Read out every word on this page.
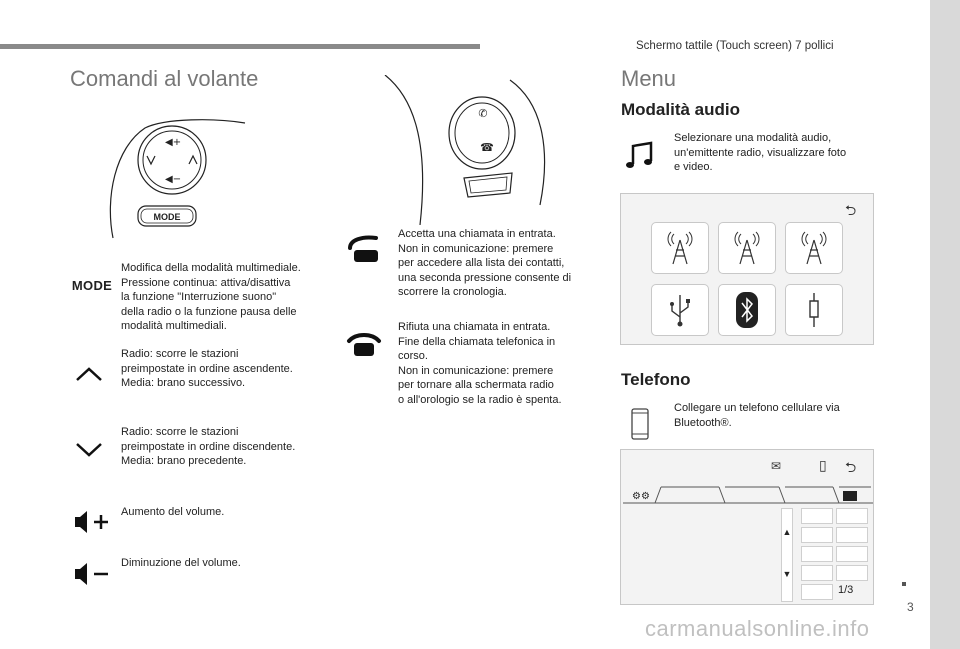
Schermo tattile (Touch screen) 7 pollici
Comandi al volante
◀+
◀−
MODE
✆
☎
MODE
Modifica della modalità multimediale.
Pressione continua: attiva/disattiva
la funzione "Interruzione suono"
della radio o la funzione pausa delle
modalità multimediali.
Radio: scorre le stazioni
preimpostate in ordine ascendente.
Media: brano successivo.
Radio: scorre le stazioni
preimpostate in ordine discendente.
Media: brano precedente.
Aumento del volume.
Diminuzione del volume.
Accetta una chiamata in entrata.
Non in comunicazione: premere
per accedere alla lista dei contatti,
una seconda pressione consente di
scorrere la cronologia.
Rifiuta una chiamata in entrata.
Fine della chiamata telefonica in
corso.
Non in comunicazione: premere
per tornare alla schermata radio
o all'orologio se la radio è spenta.
Menu
Modalità audio
Selezionare una modalità audio,
un'emittente radio, visualizzare foto
e video.
⮌
Telefono
Collegare un telefono cellulare via
Bluetooth®.
✉	▯ ⮌
⚙⚙
▲
▼
1/3
3
carmanualsonline.info
